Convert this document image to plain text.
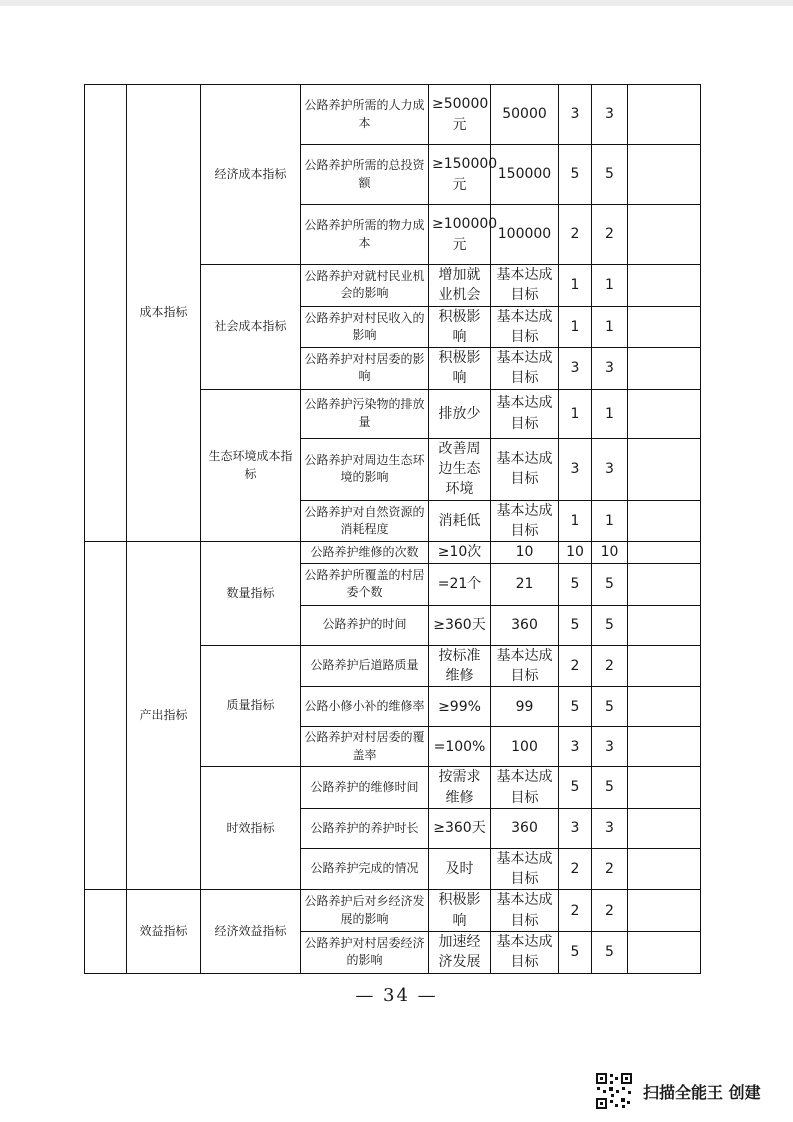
	成本指标	经济成本指标	公路养护所需的人力成本	≥50000元	50000	3	3	
			公路养护所需的总投资额	≥150000元	150000	5	5	
			公路养护所需的物力成本	≥100000元	100000	2	2	
		社会成本指标	公路养护对就村民业机会的影响	增加就业机会	基本达成目标	1	1	
			公路养护对村民收入的影响	积极影响	基本达成目标	1	1	
			公路养护对村居委的影响	积极影响	基本达成目标	3	3	
		生态环境成本指标	公路养护污染物的排放量	排放少	基本达成目标	1	1	
			公路养护对周边生态环境的影响	改善周边生态环境	基本达成目标	3	3	
			公路养护对自然资源的消耗程度	消耗低	基本达成目标	1	1	
	产出指标	数量指标	公路养护维修的次数	≥10次	10	10	10	
			公路养护所覆盖的村居委个数	=21个	21	5	5	
			公路养护的时间	≥360天	360	5	5	
		质量指标	公路养护后道路质量	按标准维修	基本达成目标	2	2	
			公路小修小补的维修率	≥99%	99	5	5	
			公路养护对村居委的覆盖率	=100%	100	3	3	
		时效指标	公路养护的维修时间	按需求维修	基本达成目标	5	5	
			公路养护的养护时长	≥360天	360	3	3	
			公路养护完成的情况	及时	基本达成目标	2	2	
	效益指标	经济效益指标	公路养护后对乡经济发展的影响	积极影响	基本达成目标	2	2	
			公路养护对村居委经济的影响	加速经济发展	基本达成目标	5	5	
— 34 —
扫描全能王 创建
